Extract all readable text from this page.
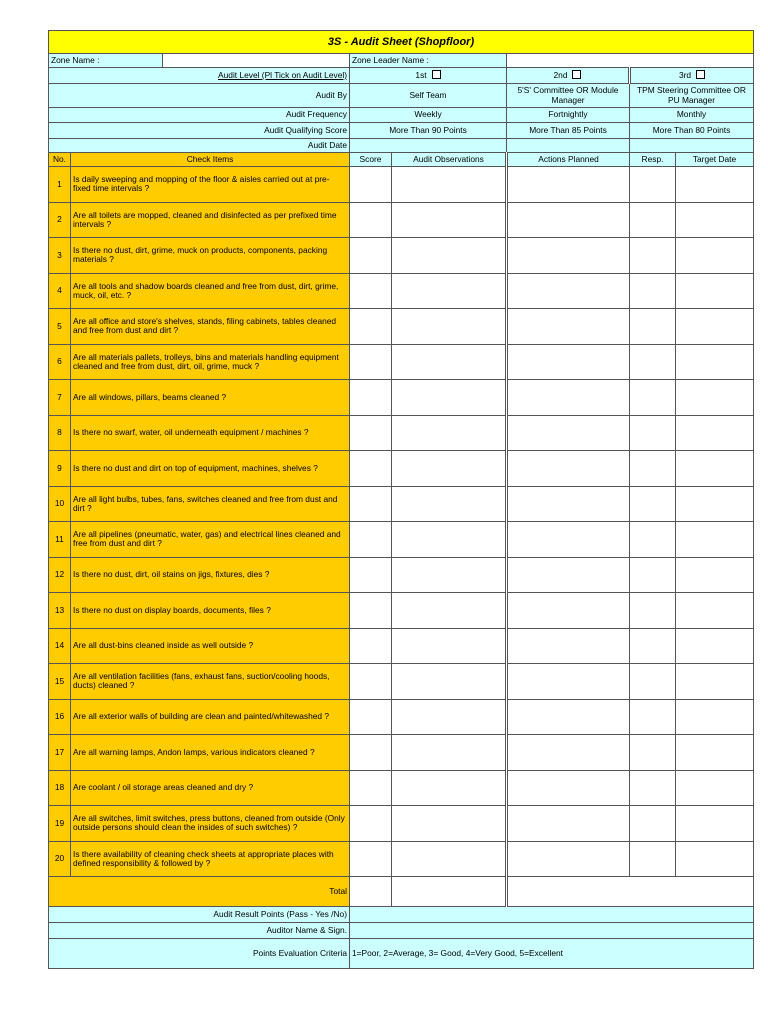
3S - Audit Sheet (Shopfloor)							
Zone Name :			Zone Leader Name :				
Audit Level (Pl Tick on Audit Level)			1st		2nd	3rd	
Audit By			Self Team		5'S' Committee OR Module Manager	TPM Steering Committee OR PU Manager	
Audit Frequency			Weekly		Fortnightly	Monthly	
Audit Qualifying Score			More Than 90 Points		More Than 85 Points	More Than 80 Points	
Audit Date							
No.	Check Items		Score	Audit Observations	Actions Planned	Resp.	Target Date
1	Is daily sweeping and mopping of the floor & aisles carried out at pre-fixed time intervals ?						
2	Are all toilets are mopped, cleaned and disinfected as per prefixed time intervals ?						
3	Is there no dust, dirt, grime, muck on products, components, packing materials ?						
4	Are all tools and shadow boards cleaned and free from dust, dirt, grime, muck, oil, etc. ?						
5	Are all office and store's shelves, stands, filing cabinets, tables cleaned and free from dust and dirt ?						
6	Are all materials pallets, trolleys, bins and materials handling equipment cleaned and free from dust, dirt, oil, grime, muck ?						
7	Are all windows, pillars, beams cleaned ?						
8	Is there no swarf, water, oil underneath equipment / machines ?						
9	Is there no dust and dirt on top of equipment, machines, shelves ?						
10	Are all light bulbs, tubes, fans, switches cleaned and free from dust and dirt ?						
11	Are all pipelines (pneumatic, water, gas) and electrical lines cleaned and free from dust and dirt ?						
12	Is there no dust, dirt, oil stains on jigs, fixtures, dies ?						
13	Is there no dust on display boards, documents, files ?						
14	Are all dust-bins cleaned inside as well outside ?						
15	Are all ventilation facilities (fans, exhaust fans, suction/cooling hoods, ducts) cleaned ?						
16	Are all exterior walls of building are clean and painted/whitewashed ?						
17	Are all warning lamps, Andon lamps, various indicators cleaned ?						
18	Are coolant / oil storage areas cleaned and dry ?						
19	Are all switches, limit switches, press buttons, cleaned from outside (Only outside persons should clean the insides of such switches) ?						
20	Is there availability of cleaning check sheets at appropriate places with defined responsibility & followed by ?						
Total							
Audit Result Points (Pass - Yes /No)							
Auditor Name & Sign.							
Points Evaluation Criteria			1=Poor, 2=Average, 3= Good, 4=Very Good, 5=Excellent				
